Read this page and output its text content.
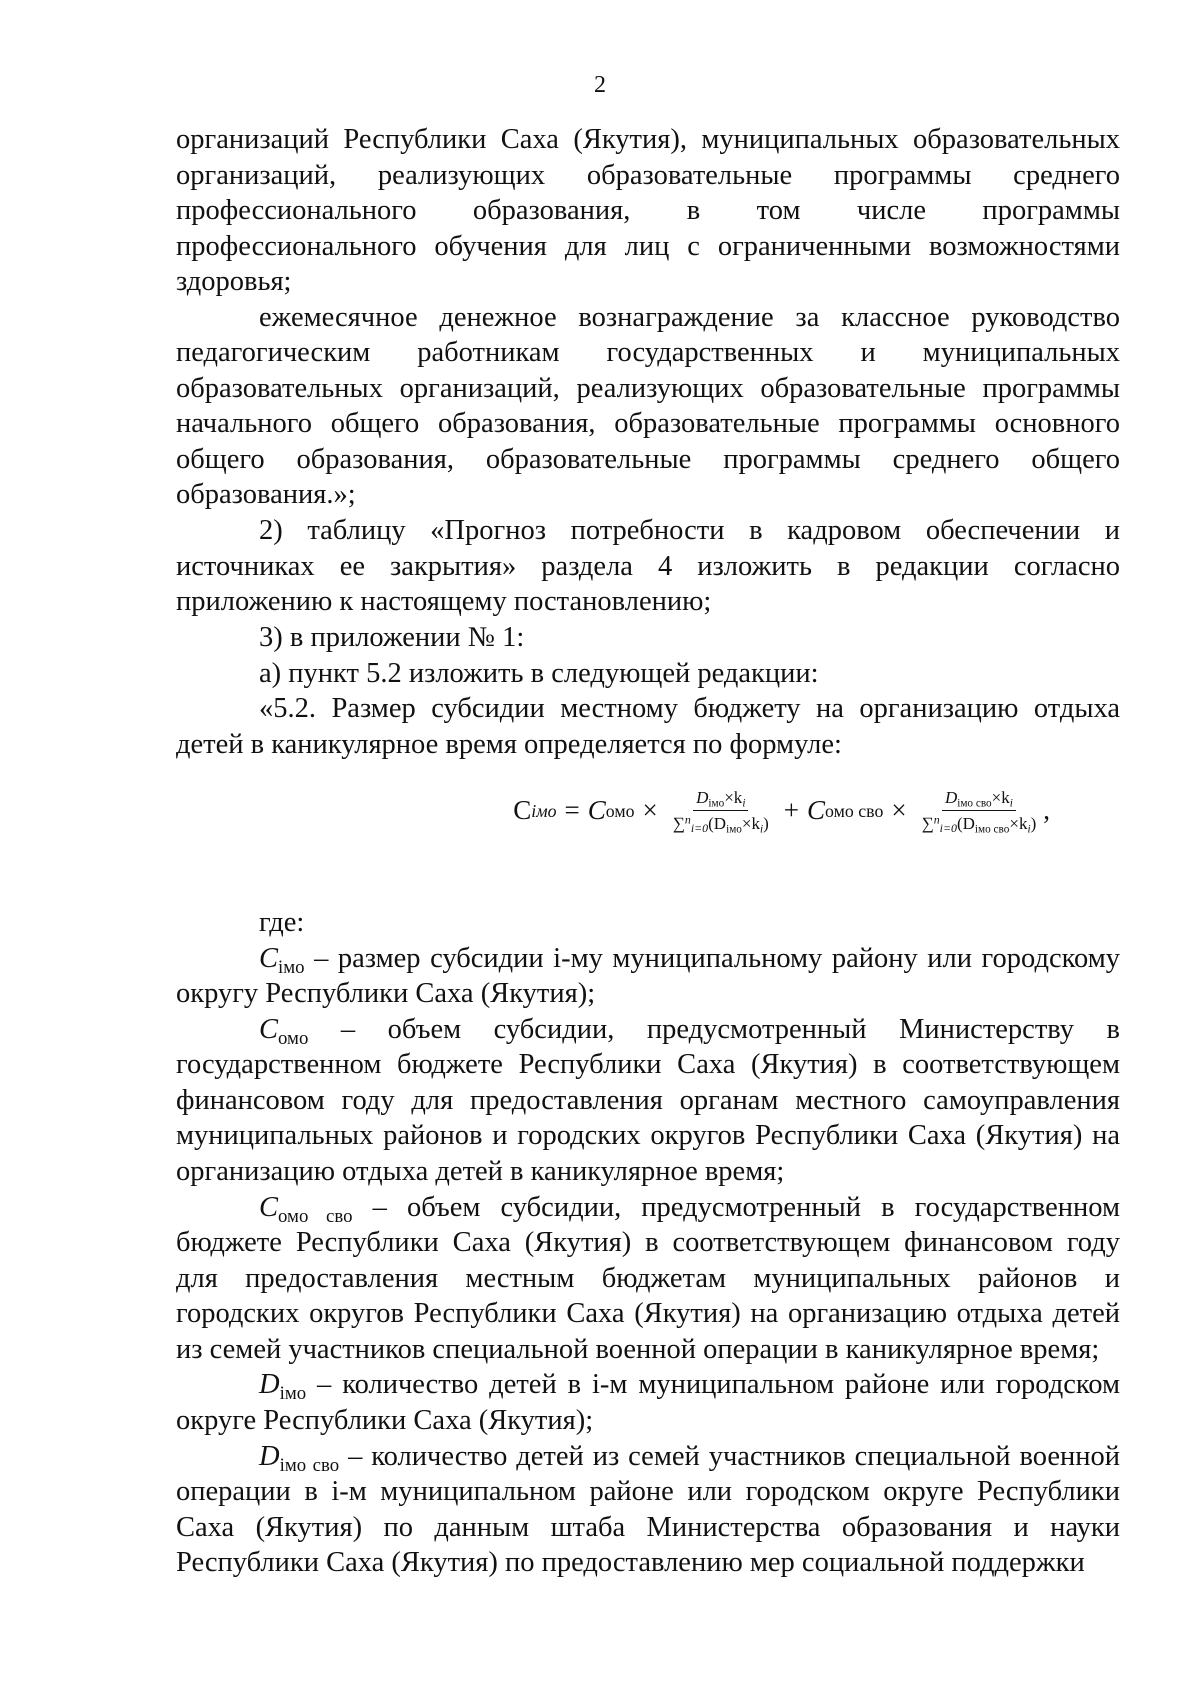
2

организаций Республики Саха (Якутия), муниципальных образовательных организаций, реализующих образовательные программы среднего профессионального образования, в том числе программы профессионального обучения для лиц с ограниченными возможностями здоровья;

ежемесячное денежное вознаграждение за классное руководство педагогическим работникам государственных и муниципальных образовательных организаций, реализующих образовательные программы начального общего образования, образовательные программы основного общего образования, образовательные программы среднего общего образования.»;

2) таблицу «Прогноз потребности в кадровом обеспечении и источниках ее закрытия» раздела 4 изложить в редакции согласно приложению к настоящему постановлению;

3) в приложении № 1:

а) пункт 5.2 изложить в следующей редакции:

«5.2. Размер субсидии местному бюджету на организацию отдыха детей в каникулярное время определяется по формуле:

C iмо = C омо × $\frac{D_{iмо}\times k_i}{\sum^ni=0(D_{iмо}\times k_i)} + C$ омо сво × $\frac{D_{iмо сво}\times k_i}{\sum^ni=0(D_{iмо сво}\times k_i)}$ ,

где:

$C_{iмо}$ – размер субсидии i-му муниципальному району или городскому округу Республики Саха (Якутия);

$C_{омо}$ – объем субсидии, предусмотренный Министерству в государственном бюджете Республики Саха (Якутия) в соответствующем финансовом году для предоставления органам местного самоуправления муниципальных районов и городских округов Республики Саха (Якутия) на организацию отдыха детей в каникулярное время;

$C_{омо сво}$ – объем субсидии, предусмотренный в государственном бюджете Республики Саха (Якутия) в соответствующем финансовом году для предоставления местным бюджетам муниципальных районов и городских округов Республики Саха (Якутия) на организацию отдыха детей из семей участников специальной военной операции в каникулярное время;

$D_{iмо}$ – количество детей в i-м муниципальном районе или городском округе Республики Саха (Якутия);

$D_{iмо сво}$ – количество детей из семей участников специальной военной операции в i-м муниципальном районе или городском округе Республики Саха (Якутия) по данным штаба Министерства образования и науки Республики Саха (Якутия) по предоставлению мер социальной поддержки
